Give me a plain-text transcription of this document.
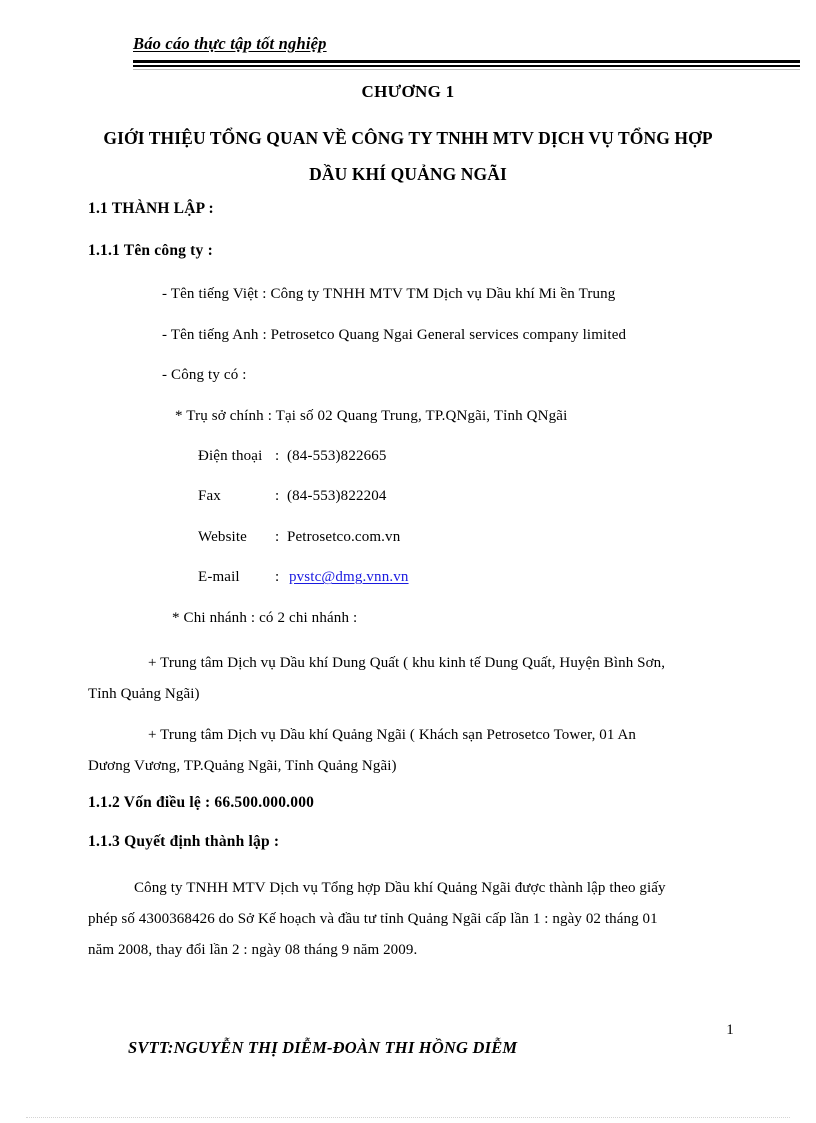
Báo cáo thực tập tốt nghiệp
CHƯƠNG 1
GIỚI THIỆU TỔNG QUAN VỀ CÔNG TY TNHH MTV DỊCH VỤ TỔNG HỢP
DẦU KHÍ QUẢNG NGÃI
1.1 THÀNH LẬP :
1.1.1 Tên công ty :
- Tên tiếng Việt : Công ty TNHH MTV TM Dịch vụ Dầu khí Mi ền Trung
- Tên tiếng Anh : Petrosetco Quang Ngai General services company limited
- Công ty có :
* Trụ sở chính : Tại số 02 Quang Trung, TP.QNgãi, Tỉnh QNgãi
Điện thoại : (84-553)822665
Fax	: (84-553)822204
Website : Petrosetco.com.vn
E-mail : pvstc@dmg.vnn.vn
* Chi nhánh : có 2 chi nhánh :
+ Trung tâm Dịch vụ Dầu khí Dung Quất ( khu kinh tế Dung Quất, Huyện Bình Sơn,
Tỉnh Quảng Ngãi)
+ Trung tâm Dịch vụ Dầu khí Quảng Ngãi ( Khách sạn Petrosetco Tower, 01 An
Dương Vương, TP.Quảng Ngãi, Tỉnh Quảng Ngãi)
1.1.2 Vốn điều lệ : 66.500.000.000
1.1.3 Quyết định thành lập :
Công ty TNHH MTV Dịch vụ Tổng hợp Dầu khí Quảng Ngãi được thành lập theo giấy
phép số 4300368426 do Sở Kế hoạch và đầu tư tỉnh Quảng Ngãi cấp lần 1 : ngày 02 tháng 01
năm 2008, thay đổi lần 2 : ngày 08 tháng 9 năm 2009.
1
SVTT:NGUYỄN THỊ DIỄM-ĐOÀN THI HỒNG DIỄM
